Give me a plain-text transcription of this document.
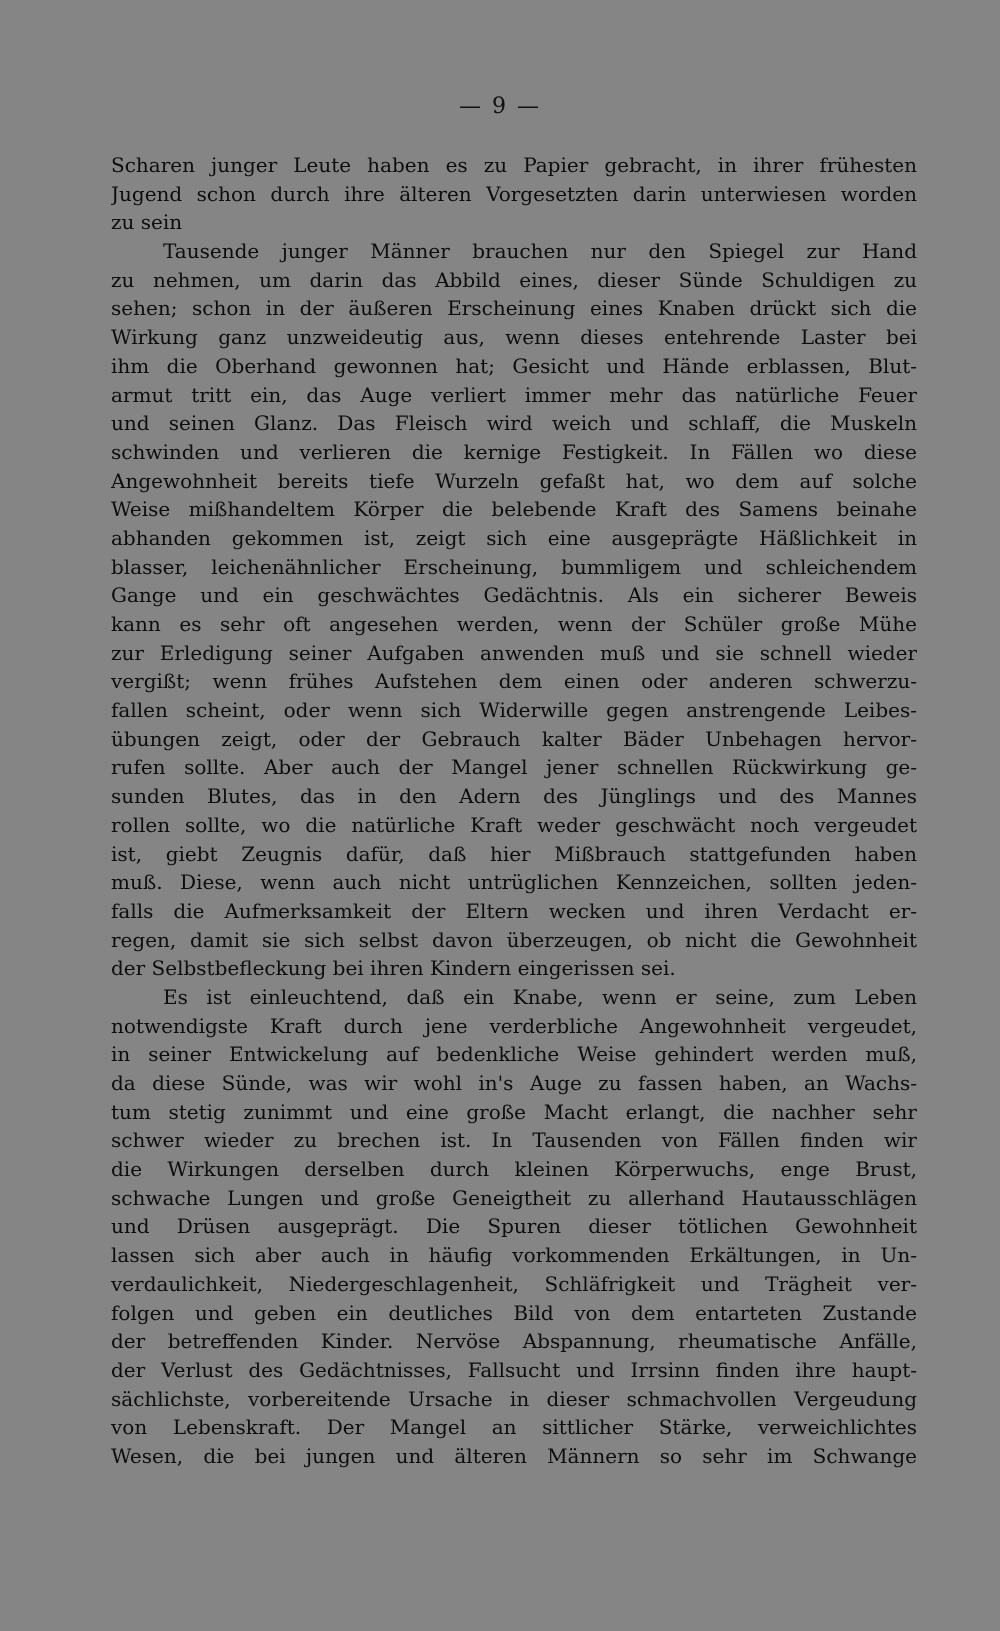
— 9 —
Scharen junger Leute haben es zu Papier gebracht, in ihrer frühesten
Jugend schon durch ihre älteren Vorgesetzten darin unterwiesen worden
zu sein
Tausende junger Männer brauchen nur den Spiegel zur Hand
zu nehmen, um darin das Abbild eines, dieser Sünde Schuldigen zu
sehen; schon in der äußeren Erscheinung eines Knaben drückt sich die
Wirkung ganz unzweideutig aus, wenn dieses entehrende Laster bei
ihm die Oberhand gewonnen hat; Gesicht und Hände erblassen, Blut-
armut tritt ein, das Auge verliert immer mehr das natürliche Feuer
und seinen Glanz. Das Fleisch wird weich und schlaff, die Muskeln
schwinden und verlieren die kernige Festigkeit. In Fällen wo diese
Angewohnheit bereits tiefe Wurzeln gefaßt hat, wo dem auf solche
Weise mißhandeltem Körper die belebende Kraft des Samens beinahe
abhanden gekommen ist, zeigt sich eine ausgeprägte Häßlichkeit in
blasser, leichenähnlicher Erscheinung, bummligem und schleichendem
Gange und ein geschwächtes Gedächtnis. Als ein sicherer Beweis
kann es sehr oft angesehen werden, wenn der Schüler große Mühe
zur Erledigung seiner Aufgaben anwenden muß und sie schnell wieder
vergißt; wenn frühes Aufstehen dem einen oder anderen schwerzu-
fallen scheint, oder wenn sich Widerwille gegen anstrengende Leibes-
übungen zeigt, oder der Gebrauch kalter Bäder Unbehagen hervor-
rufen sollte. Aber auch der Mangel jener schnellen Rückwirkung ge-
sunden Blutes, das in den Adern des Jünglings und des Mannes
rollen sollte, wo die natürliche Kraft weder geschwächt noch vergeudet
ist, giebt Zeugnis dafür, daß hier Mißbrauch stattgefunden haben
muß. Diese, wenn auch nicht untrüglichen Kennzeichen, sollten jeden-
falls die Aufmerksamkeit der Eltern wecken und ihren Verdacht er-
regen, damit sie sich selbst davon überzeugen, ob nicht die Gewohnheit
der Selbstbefleckung bei ihren Kindern eingerissen sei.
Es ist einleuchtend, daß ein Knabe, wenn er seine, zum Leben
notwendigste Kraft durch jene verderbliche Angewohnheit vergeudet,
in seiner Entwickelung auf bedenkliche Weise gehindert werden muß,
da diese Sünde, was wir wohl in's Auge zu fassen haben, an Wachs-
tum stetig zunimmt und eine große Macht erlangt, die nachher sehr
schwer wieder zu brechen ist. In Tausenden von Fällen finden wir
die Wirkungen derselben durch kleinen Körperwuchs, enge Brust,
schwache Lungen und große Geneigtheit zu allerhand Hautausschlägen
und Drüsen ausgeprägt. Die Spuren dieser tötlichen Gewohnheit
lassen sich aber auch in häufig vorkommenden Erkältungen, in Un-
verdaulichkeit, Niedergeschlagenheit, Schläfrigkeit und Trägheit ver-
folgen und geben ein deutliches Bild von dem entarteten Zustande
der betreffenden Kinder. Nervöse Abspannung, rheumatische Anfälle,
der Verlust des Gedächtnisses, Fallsucht und Irrsinn finden ihre haupt-
sächlichste, vorbereitende Ursache in dieser schmachvollen Vergeudung
von Lebenskraft. Der Mangel an sittlicher Stärke, verweichlichtes
Wesen, die bei jungen und älteren Männern so sehr im Schwange
